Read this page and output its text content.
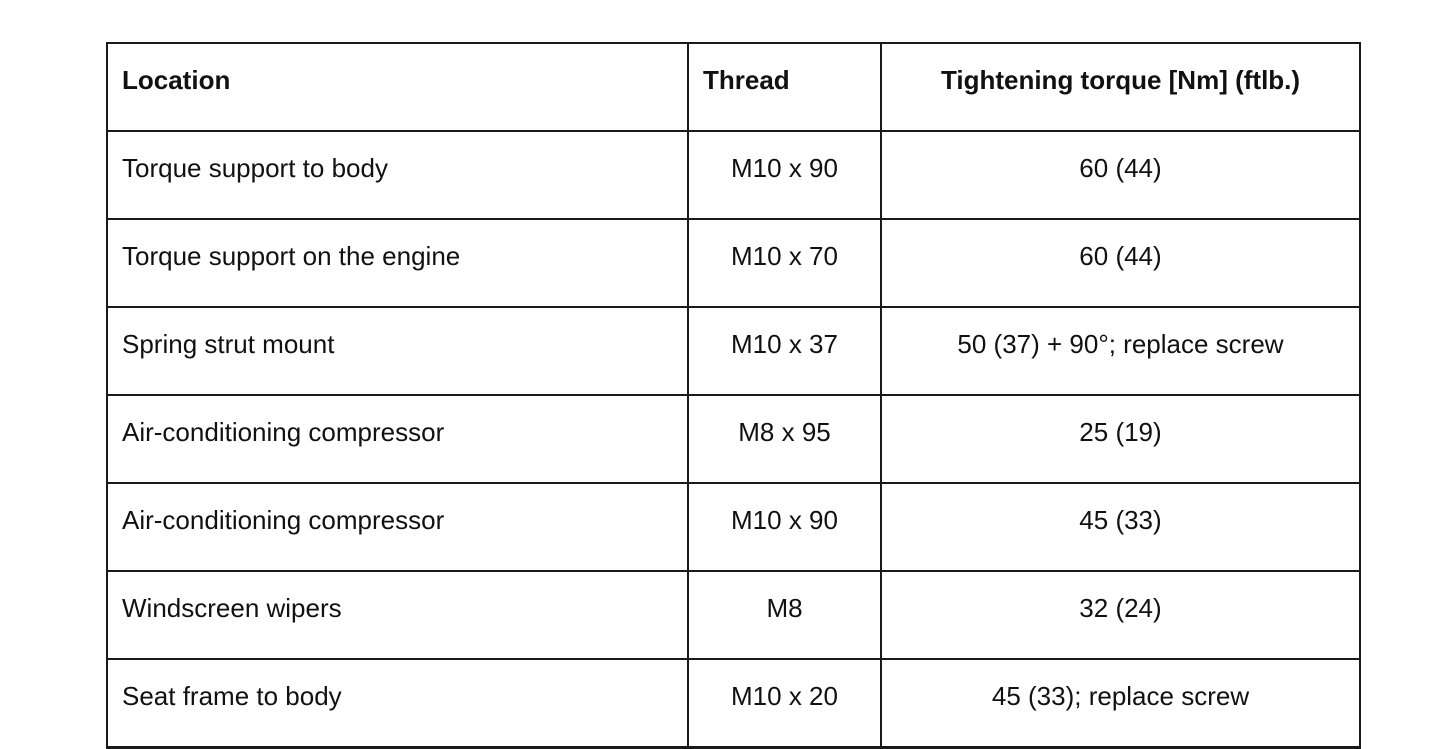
Location	Thread	Tightening torque [Nm] (ftlb.)
Torque support to body	M10 x 90	60 (44)
Torque support on the engine	M10 x 70	60 (44)
Spring strut mount	M10 x 37	50 (37) + 90°; replace screw
Air-conditioning compressor	M8 x 95	25 (19)
Air-conditioning compressor	M10 x 90	45 (33)
Windscreen wipers	M8	32 (24)
Seat frame to body	M10 x 20	45 (33); replace screw
